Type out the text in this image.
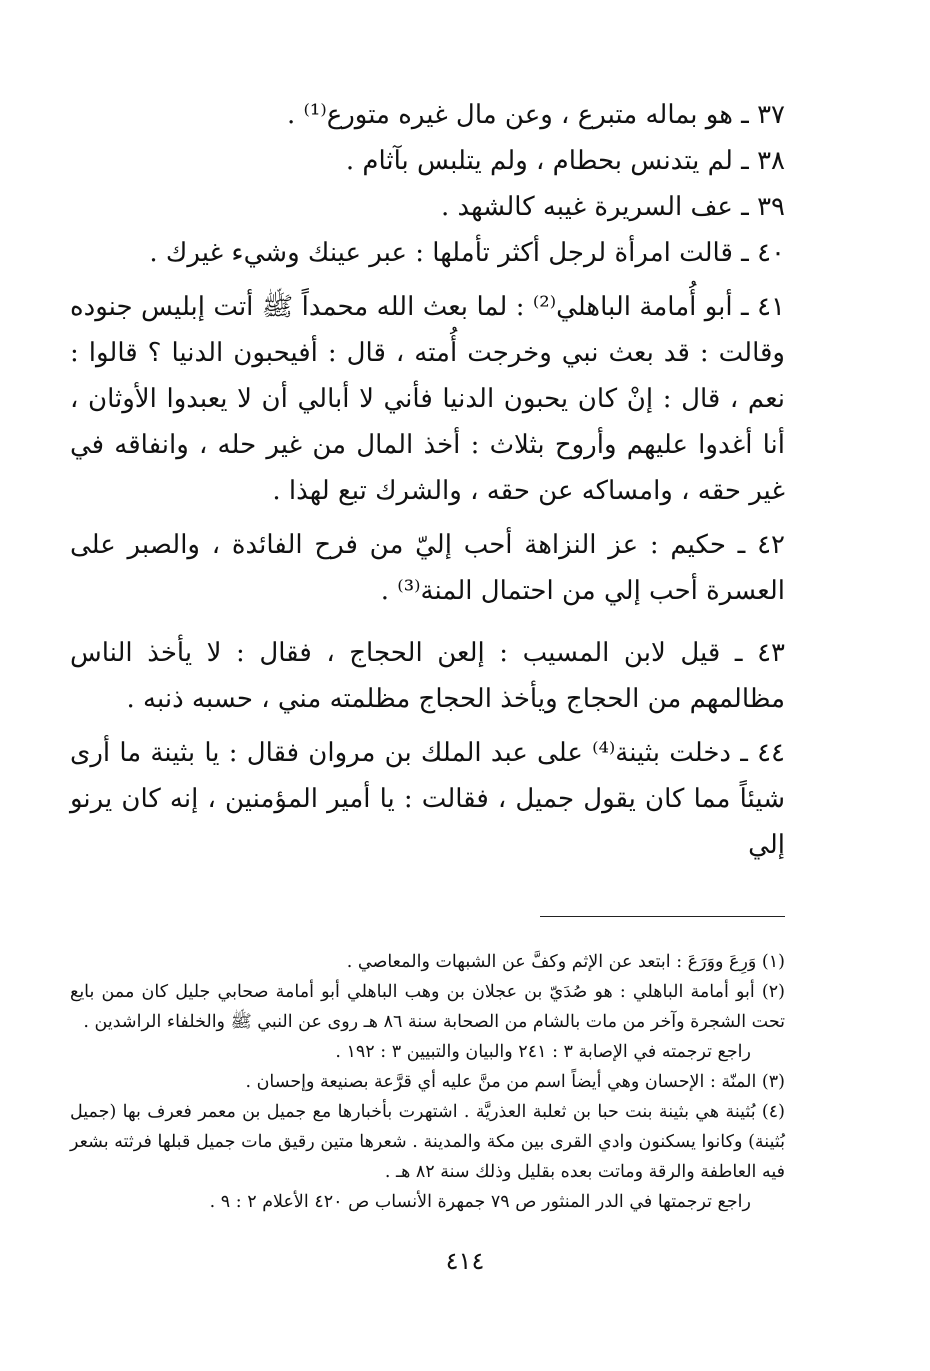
٣٧ ـ هو بماله متبرع ، وعن مال غيره متورع⁽¹⁾ .

٣٨ ـ لم يتدنس بحطام ، ولم يتلبس بآثام .

٣٩ ـ عف السريرة غيبه كالشهد .

٤٠ ـ قالت امرأة لرجل أكثر تأملها : عبر عينك وشيء غيرك .

٤١ ـ أبو أُمامة الباهلي⁽²⁾ : لما بعث الله محمداً ﷺ أتت إبليس جنوده وقالت : قد بعث نبي وخرجت أُمته ، قال : أفيحبون الدنيا ؟ قالوا : نعم ، قال : إنْ كان يحبون الدنيا فأني لا أبالي أن لا يعبدوا الأوثان ، أنا أغدوا عليهم وأروح بثلاث : أخذ المال من غير حله ، وانفاقه في غير حقه ، وامساكه عن حقه ، والشرك تبع لهذا .

٤٢ ـ حكيم : عز النزاهة أحب إليّ من فرح الفائدة ، والصبر على العسرة أحب إلي من احتمال المنة⁽³⁾ .

٤٣ ـ قيل لابن المسيب : إلعن الحجاج ، فقال : لا يأخذ الناس مظالمهم من الحجاج ويأخذ الحجاج مظلمته مني ، حسبه ذنبه .

٤٤ ـ دخلت بثينة⁽⁴⁾ على عبد الملك بن مروان فقال : يا بثينة ما أرى شيئاً مما كان يقول جميل ، فقالت : يا أمير المؤمنين ، إنه كان يرنو إلي

(١) وَرِعَ ووَرَعَ : ابتعد عن الإثم وكفَّ عن الشبهات والمعاصي .

(٢) أبو أمامة الباهلي : هو صُدَيّ بن عجلان بن وهب الباهلي أبو أمامة صحابي جليل كان ممن بايع تحت الشجرة وآخر من مات بالشام من الصحابة سنة ٨٦ هـ روى عن النبي ﷺ والخلفاء الراشدين .

راجع ترجمته في الإصابة ٣ : ٢٤١ والبيان والتبيين ٣ : ١٩٢ .

(٣) المنّة : الإحسان وهي أيضاً اسم من منَّ عليه أي قرَّعة بصنيعة وإحسان .

(٤) بُثينة هي بثينة بنت حبا بن ثعلبة العذريَّة . اشتهرت بأخبارها مع جميل بن معمر فعرف بها (جميل بُثينة) وكانوا يسكنون وادي القرى بين مكة والمدينة . شعرها متين رقيق مات جميل قبلها فرثته بشعر فيه العاطفة والرقة وماتت بعده بقليل وذلك سنة ٨٢ هـ .

راجع ترجمتها في الدر المنثور ص ٧٩ جمهرة الأنساب ص ٤٢٠ الأعلام ٢ : ٩ .

٤١٤
